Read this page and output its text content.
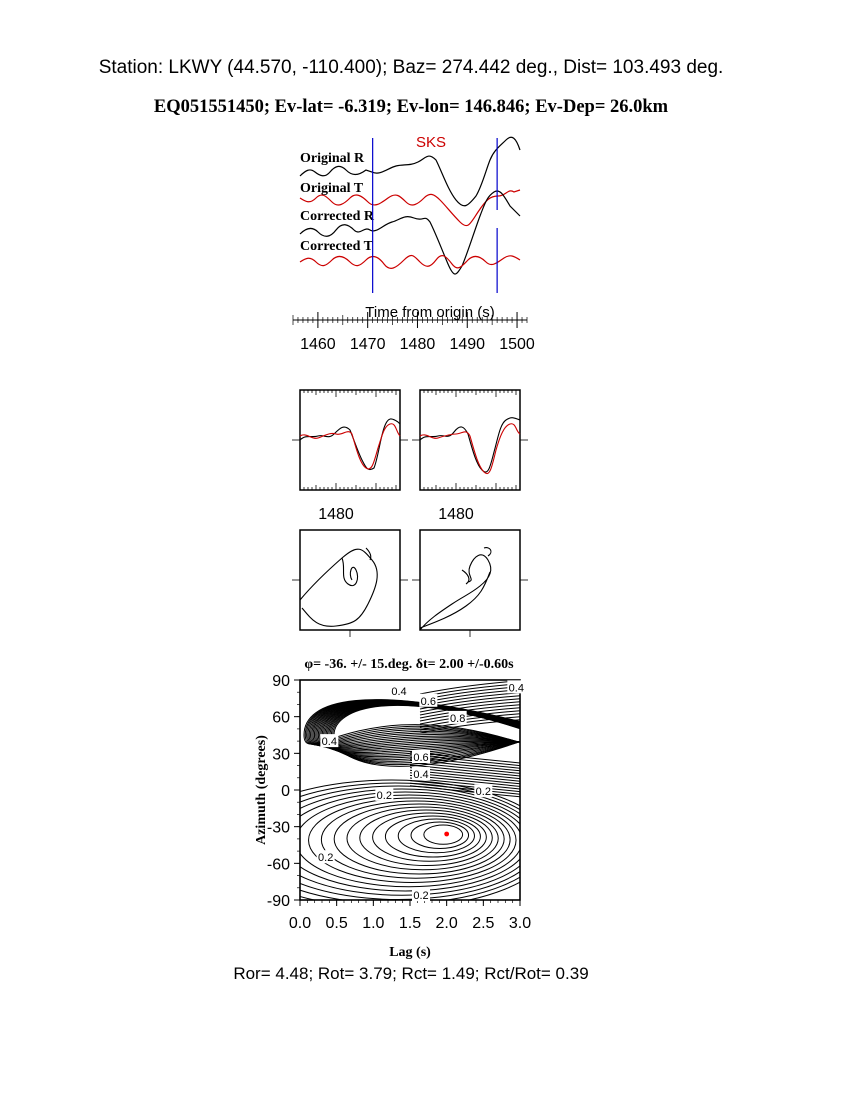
Station: LKWY (44.570, -110.400); Baz= 274.442 deg., Dist= 103.493 deg.
EQ051551450; Ev-lat= -6.319; Ev-lon= 146.846; Ev-Dep= 26.0km
SKS
Original R
Original T
Corrected R
Corrected T
1460 1470 1480 1490 1500
Time from origin (s)
1480	1480
φ= -36. +/- 15.deg. δt= 2.00 +/-0.60s
90
60
30
0
-30
-60
-90
0.0 0.5 1.0 1.5 2.0 2.5 3.0
0.4	0.4
0.6
0.8
0.4
0.6
0.4
0.2	0.2
0.2
0.2
Lag (s)
Azimuth (degrees)
Ror= 4.48; Rot= 3.79; Rct= 1.49; Rct/Rot= 0.39
